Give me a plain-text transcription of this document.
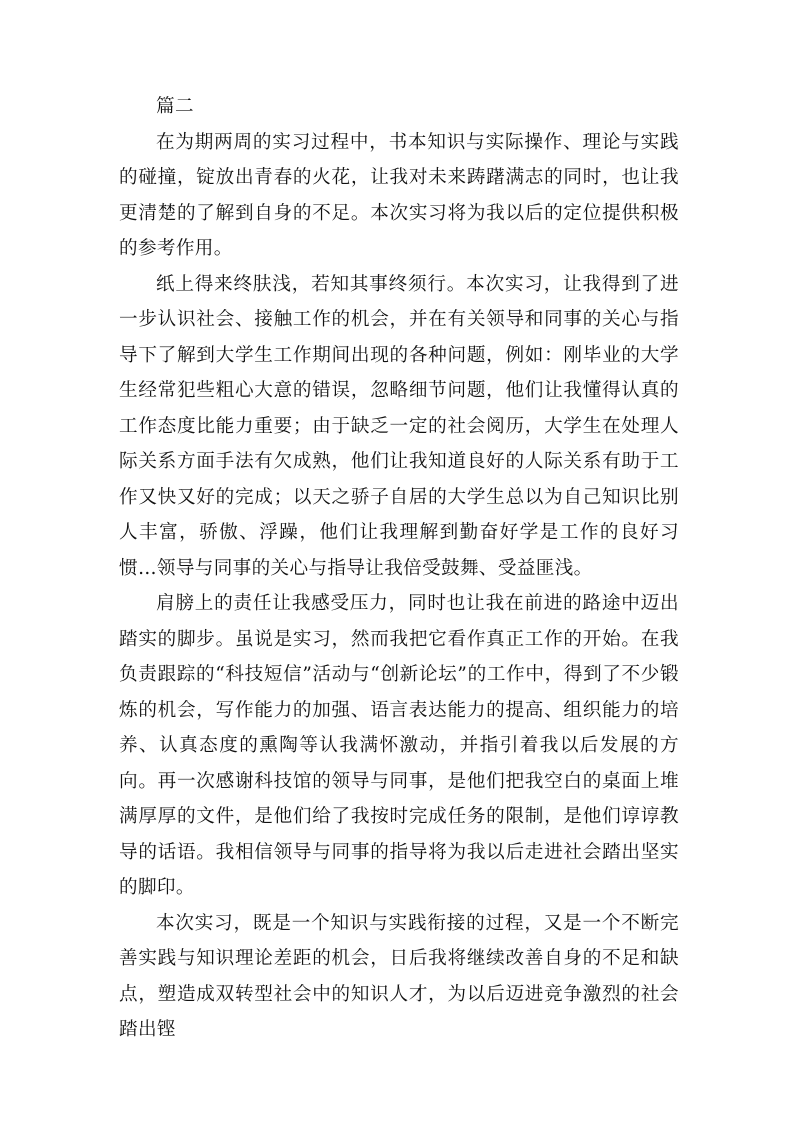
篇二

在为期两周的实习过程中，书本知识与实际操作、理论与实践的碰撞，锭放出青春的火花，让我对未来踌躇满志的同时，也让我更清楚的了解到自身的不足。本次实习将为我以后的定位提供积极的参考作用。

纸上得来终肤浅，若知其事终须行。本次实习，让我得到了进一步认识社会、接触工作的机会，并在有关领导和同事的关心与指导下了解到大学生工作期间出现的各种问题，例如：刚毕业的大学生经常犯些粗心大意的错误，忽略细节问题，他们让我懂得认真的工作态度比能力重要；由于缺乏一定的社会阅历，大学生在处理人际关系方面手法有欠成熟，他们让我知道良好的人际关系有助于工作又快又好的完成；以天之骄子自居的大学生总以为自己知识比别人丰富，骄傲、浮躁，他们让我理解到勤奋好学是工作的良好习惯…领导与同事的关心与指导让我倍受鼓舞、受益匪浅。

肩膀上的责任让我感受压力，同时也让我在前进的路途中迈出踏实的脚步。虽说是实习，然而我把它看作真正工作的开始。在我负责跟踪的“科技短信”活动与“创新论坛”的工作中，得到了不少锻炼的机会，写作能力的加强、语言表达能力的提高、组织能力的培养、认真态度的熏陶等认我满怀激动，并指引着我以后发展的方向。再一次感谢科技馆的领导与同事，是他们把我空白的桌面上堆满厚厚的文件，是他们给了我按时完成任务的限制，是他们谆谆教导的话语。我相信领导与同事的指导将为我以后走进社会踏出坚实的脚印。

本次实习，既是一个知识与实践衔接的过程，又是一个不断完善实践与知识理论差距的机会，日后我将继续改善自身的不足和缺点，塑造成双转型社会中的知识人才，为以后迈进竞争激烈的社会踏出铿
